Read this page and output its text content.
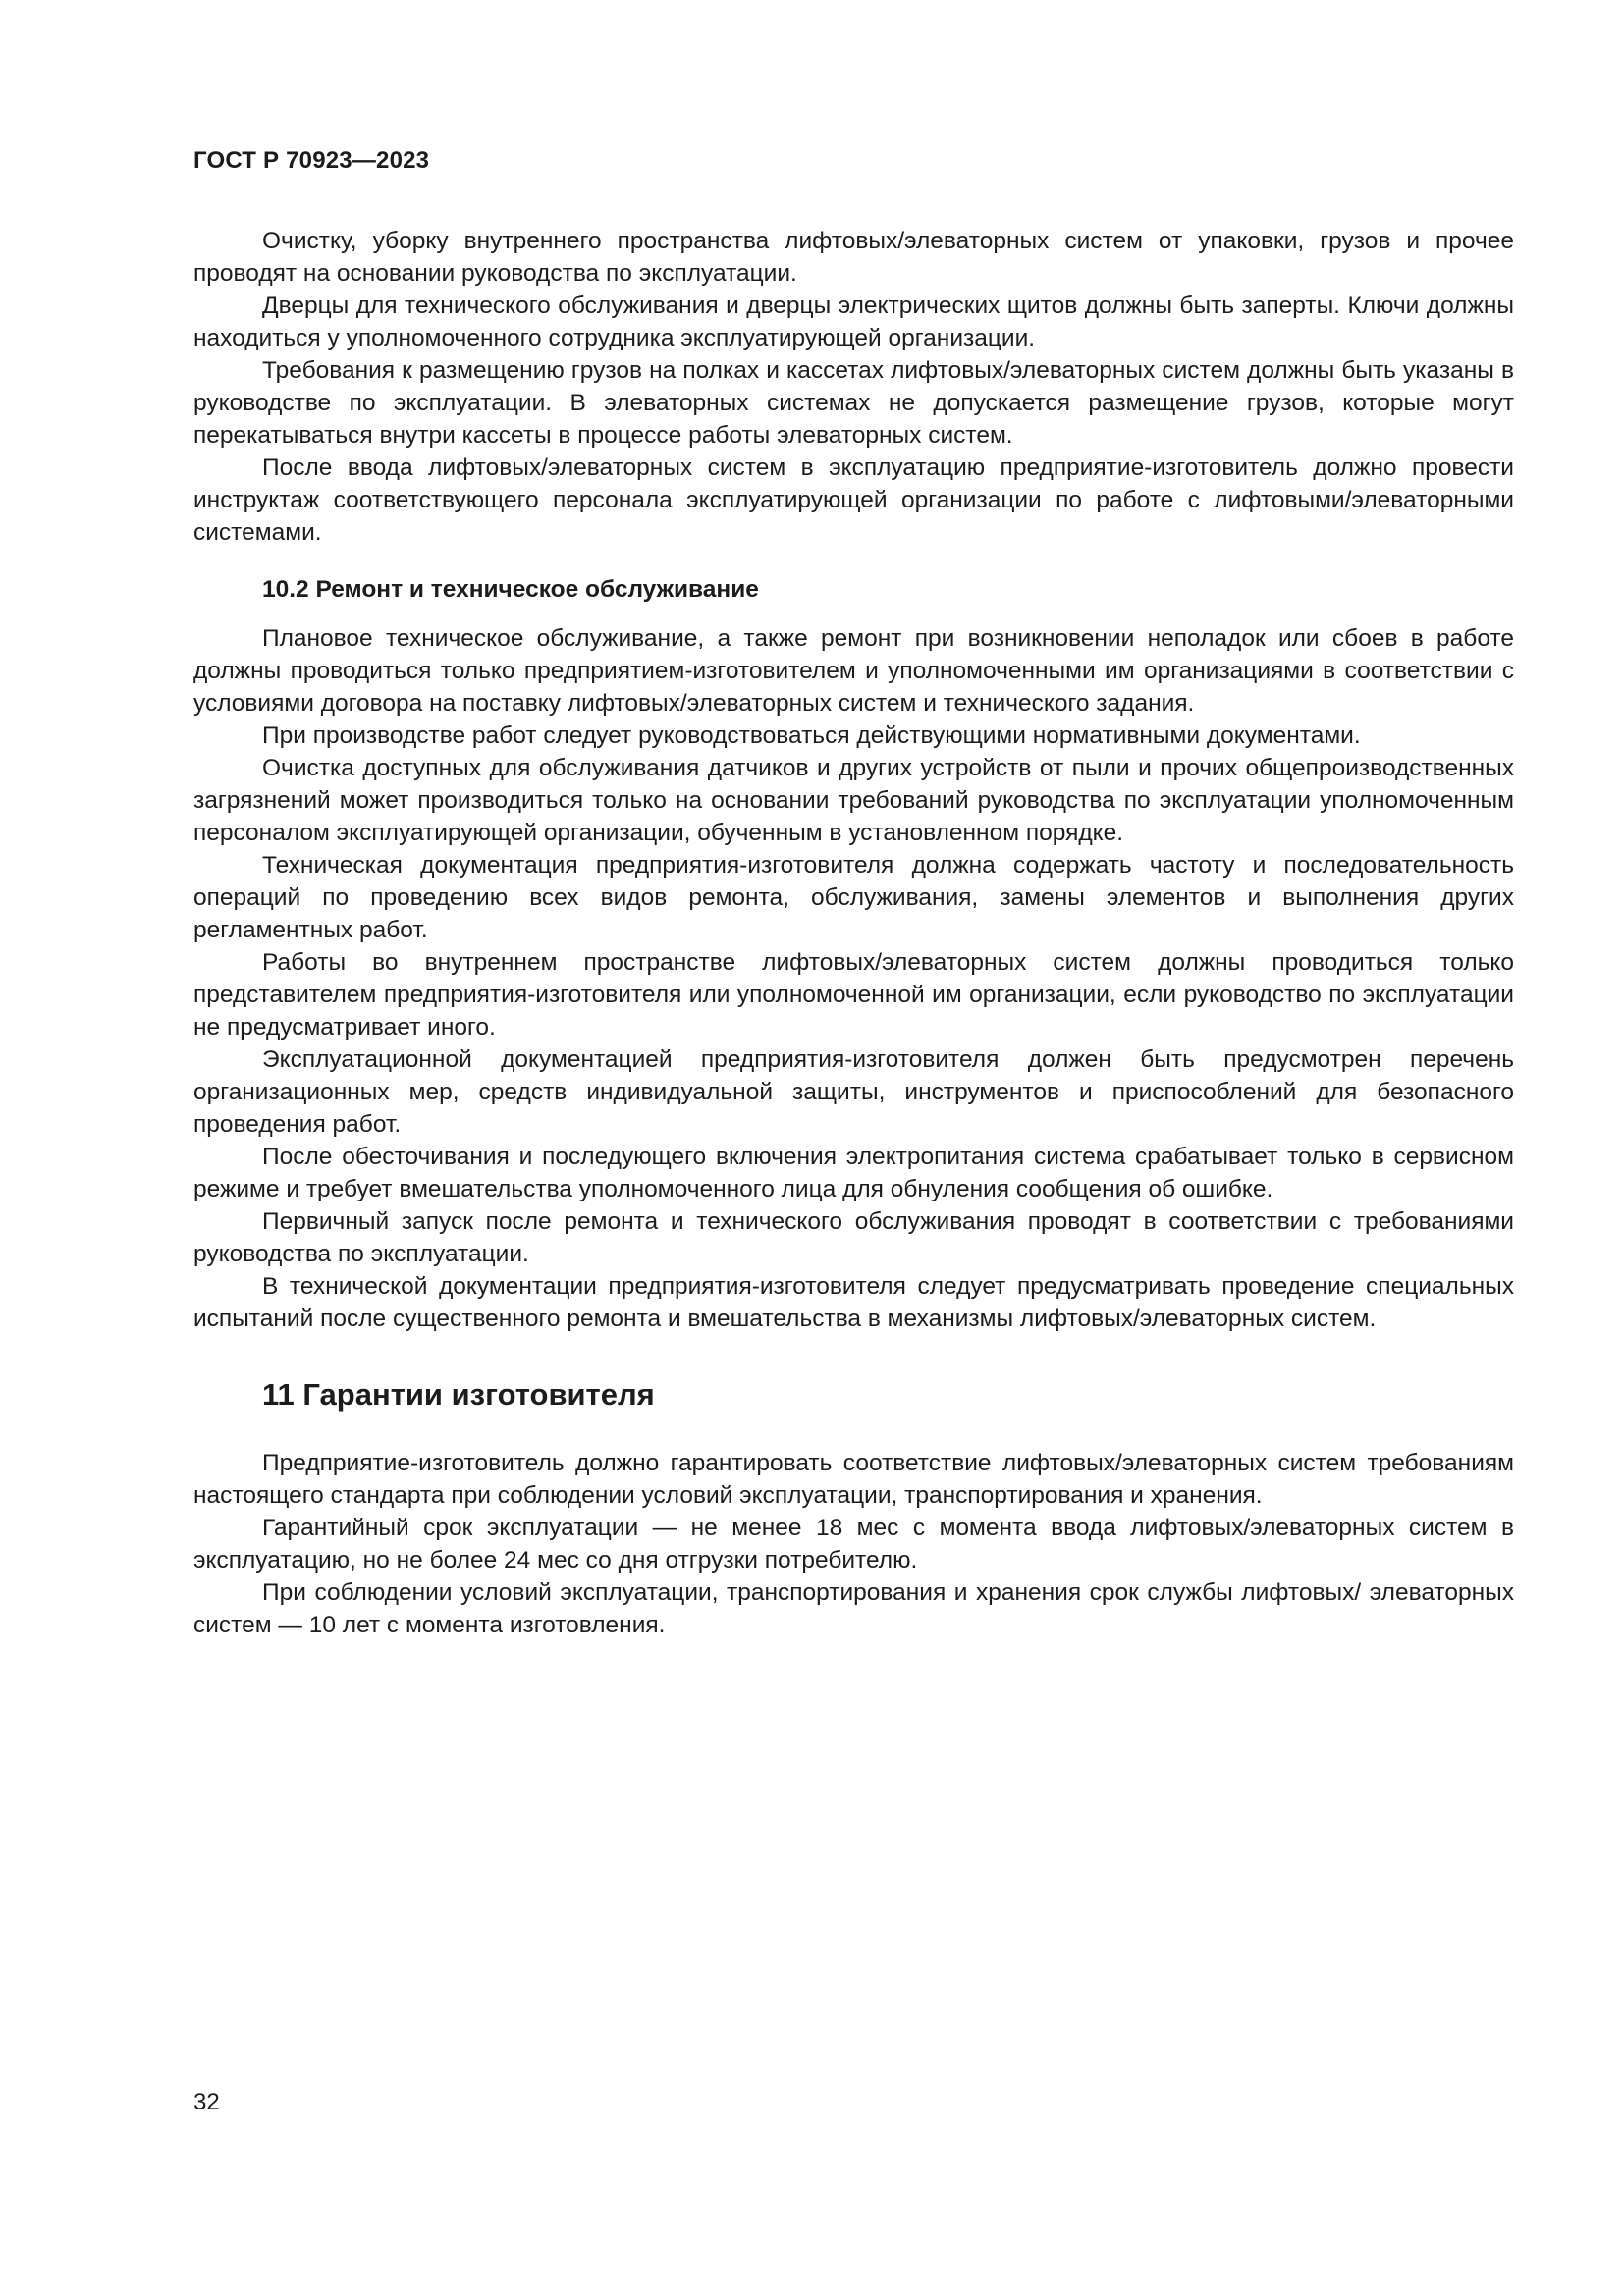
ГОСТ Р 70923—2023

Очистку, уборку внутреннего пространства лифтовых/элеваторных систем от упаковки, грузов и прочее проводят на основании руководства по эксплуатации.

Дверцы для технического обслуживания и дверцы электрических щитов должны быть заперты. Ключи должны находиться у уполномоченного сотрудника эксплуатирующей организации.

Требования к размещению грузов на полках и кассетах лифтовых/элеваторных систем должны быть указаны в руководстве по эксплуатации. В элеваторных системах не допускается размещение грузов, которые могут перекатываться внутри кассеты в процессе работы элеваторных систем.

После ввода лифтовых/элеваторных систем в эксплуатацию предприятие-изготовитель должно провести инструктаж соответствующего персонала эксплуатирующей организации по работе с лифтовыми/элеваторными системами.

10.2 Ремонт и техническое обслуживание

Плановое техническое обслуживание, а также ремонт при возникновении неполадок или сбоев в работе должны проводиться только предприятием-изготовителем и уполномоченными им организациями в соответствии с условиями договора на поставку лифтовых/элеваторных систем и технического задания.

При производстве работ следует руководствоваться действующими нормативными документами.

Очистка доступных для обслуживания датчиков и других устройств от пыли и прочих общепроизводственных загрязнений может производиться только на основании требований руководства по эксплуатации уполномоченным персоналом эксплуатирующей организации, обученным в установленном порядке.

Техническая документация предприятия-изготовителя должна содержать частоту и последовательность операций по проведению всех видов ремонта, обслуживания, замены элементов и выполнения других регламентных работ.

Работы во внутреннем пространстве лифтовых/элеваторных систем должны проводиться только представителем предприятия-изготовителя или уполномоченной им организации, если руководство по эксплуатации не предусматривает иного.

Эксплуатационной документацией предприятия-изготовителя должен быть предусмотрен перечень организационных мер, средств индивидуальной защиты, инструментов и приспособлений для безопасного проведения работ.

После обесточивания и последующего включения электропитания система срабатывает только в сервисном режиме и требует вмешательства уполномоченного лица для обнуления сообщения об ошибке.

Первичный запуск после ремонта и технического обслуживания проводят в соответствии с требованиями руководства по эксплуатации.

В технической документации предприятия-изготовителя следует предусматривать проведение специальных испытаний после существенного ремонта и вмешательства в механизмы лифтовых/элеваторных систем.

11 Гарантии изготовителя

Предприятие-изготовитель должно гарантировать соответствие лифтовых/элеваторных систем требованиям настоящего стандарта при соблюдении условий эксплуатации, транспортирования и хранения.

Гарантийный срок эксплуатации — не менее 18 мес с момента ввода лифтовых/элеваторных систем в эксплуатацию, но не более 24 мес со дня отгрузки потребителю.

При соблюдении условий эксплуатации, транспортирования и хранения срок службы лифтовых/ элеваторных систем — 10 лет с момента изготовления.

32
